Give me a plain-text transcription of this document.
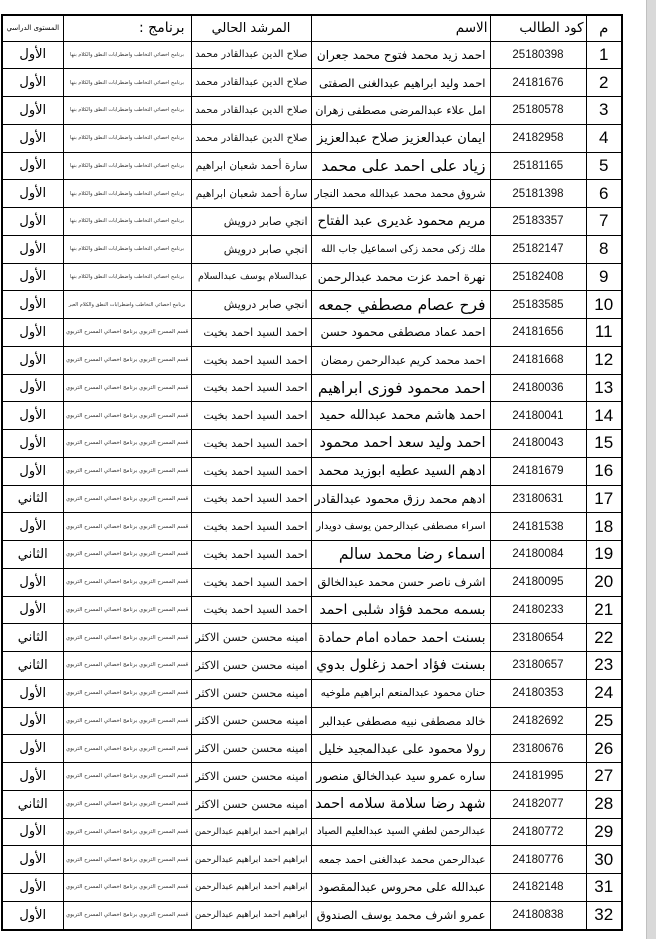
م	كود الطالب	الاسم	المرشد الحالي	برنامج :	المستوى الدراسي
1	25180398	احمد زيد محمد فتوح محمد جعران	صلاح الدين عبدالقادر محمد	برنامج اخصائي التخاطب واضطرابات النطق والكلام بنها	الأول
2	24181676	احمد وليد ابراهيم عبدالغنى الصفتى	صلاح الدين عبدالقادر محمد	برنامج اخصائي التخاطب واضطرابات النطق والكلام بنها	الأول
3	25180578	امل علاء عبدالمرضى مصطفى زهران	صلاح الدين عبدالقادر محمد	برنامج اخصائي التخاطب واضطرابات النطق والكلام بنها	الأول
4	24182958	ايمان عبدالعزيز صلاح عبدالعزيز	صلاح الدين عبدالقادر محمد	برنامج اخصائي التخاطب واضطرابات النطق والكلام بنها	الأول
5	25181165	زياد على احمد على محمد	سارة أحمد شعبان ابراهيم	برنامج اخصائي التخاطب واضطرابات النطق والكلام بنها	الأول
6	25181398	شروق محمد محمد عبدالله محمد النجار	سارة أحمد شعبان ابراهيم	برنامج اخصائي التخاطب واضطرابات النطق والكلام بنها	الأول
7	25183357	مريم محمود غديرى عبد الفتاح	انجي صابر درويش	برنامج اخصائي التخاطب واضطرابات النطق والكلام بنها	الأول
8	25182147	ملك زكى محمد زكى اسماعيل جاب الله	انجي صابر درويش	برنامج اخصائي التخاطب واضطرابات النطق والكلام بنها	الأول
9	25182408	نهرة احمد عزت محمد عبدالرحمن	عبدالسلام يوسف عبدالسلام	برنامج اخصائي التخاطب واضطرابات النطق والكلام بنها	الأول
10	25183585	فرح عصام مصطفي جمعه	انجي صابر درويش	برنامج اخصائي التخاطب واضطرابات النطق والكلام العبر	الأول
11	24181656	احمد عماد مصطفى محمود حسن	احمد السيد احمد بخيت	قسم المسرح التربوي برنامج اخصائي المسرح التربوي	الأول
12	24181668	احمد محمد كريم عبدالرحمن رمضان	احمد السيد احمد بخيت	قسم المسرح التربوي برنامج اخصائي المسرح التربوي	الأول
13	24180036	احمد محمود فوزى ابراهيم	احمد السيد احمد بخيت	قسم المسرح التربوي برنامج اخصائي المسرح التربوي	الأول
14	24180041	احمد هاشم محمد عبدالله حميد	احمد السيد احمد بخيت	قسم المسرح التربوي برنامج اخصائي المسرح التربوي	الأول
15	24180043	احمد وليد سعد احمد محمود	احمد السيد احمد بخيت	قسم المسرح التربوي برنامج اخصائي المسرح التربوي	الأول
16	24181679	ادهم السيد عطيه ابوزيد محمد	احمد السيد احمد بخيت	قسم المسرح التربوي برنامج اخصائي المسرح التربوي	الأول
17	23180631	ادهم محمد رزق محمود عبدالقادر	احمد السيد احمد بخيت	قسم المسرح التربوي برنامج اخصائي المسرح التربوي	الثاني
18	24181538	اسراء مصطفى عبدالرحمن يوسف دويدار	احمد السيد احمد بخيت	قسم المسرح التربوي برنامج اخصائي المسرح التربوي	الأول
19	24180084	اسماء رضا محمد سالم	احمد السيد احمد بخيت	قسم المسرح التربوي برنامج اخصائي المسرح التربوي	الثاني
20	24180095	اشرف ناصر حسن محمد عبدالخالق	احمد السيد احمد بخيت	قسم المسرح التربوي برنامج اخصائي المسرح التربوي	الأول
21	24180233	بسمه محمد فؤاد شلبى احمد	احمد السيد احمد بخيت	قسم المسرح التربوي برنامج اخصائي المسرح التربوي	الأول
22	23180654	بسنت احمد حماده امام حمادة	امينه محسن حسن الاكثر	قسم المسرح التربوي برنامج اخصائي المسرح التربوي	الثاني
23	23180657	بسنت فؤاد احمد زغلول بدوي	امينه محسن حسن الاكثر	قسم المسرح التربوي برنامج اخصائي المسرح التربوي	الثاني
24	24180353	حنان محمود عبدالمنعم ابراهيم ملوخيه	امينه محسن حسن الاكثر	قسم المسرح التربوي برنامج اخصائي المسرح التربوي	الأول
25	24182692	خالد مصطفى نبيه مصطفى عبدالبر	امينه محسن حسن الاكثر	قسم المسرح التربوي برنامج اخصائي المسرح التربوي	الأول
26	23180676	رولا محمود على عبدالمجيد خليل	امينه محسن حسن الاكثر	قسم المسرح التربوي برنامج اخصائي المسرح التربوي	الأول
27	24181995	ساره عمرو سيد عبدالخالق منصور	امينه محسن حسن الاكثر	قسم المسرح التربوي برنامج اخصائي المسرح التربوي	الأول
28	24182077	شهد رضا سلامة سلامه احمد	امينه محسن حسن الاكثر	قسم المسرح التربوي برنامج اخصائي المسرح التربوي	الثاني
29	24180772	عبدالرحمن لطفي السيد عبدالعليم الصياد	ابراهيم احمد ابراهيم عبدالرحمن	قسم المسرح التربوي برنامج اخصائي المسرح التربوي	الأول
30	24180776	عبدالرحمن محمد عبدالغنى احمد جمعه	ابراهيم احمد ابراهيم عبدالرحمن	قسم المسرح التربوي برنامج اخصائي المسرح التربوي	الأول
31	24182148	عبدالله على محروس عبدالمقصود	ابراهيم احمد ابراهيم عبدالرحمن	قسم المسرح التربوي برنامج اخصائي المسرح التربوي	الأول
32	24180838	عمرو اشرف محمد يوسف الصندوق	ابراهيم احمد ابراهيم عبدالرحمن	قسم المسرح التربوي برنامج اخصائي المسرح التربوي	الأول
